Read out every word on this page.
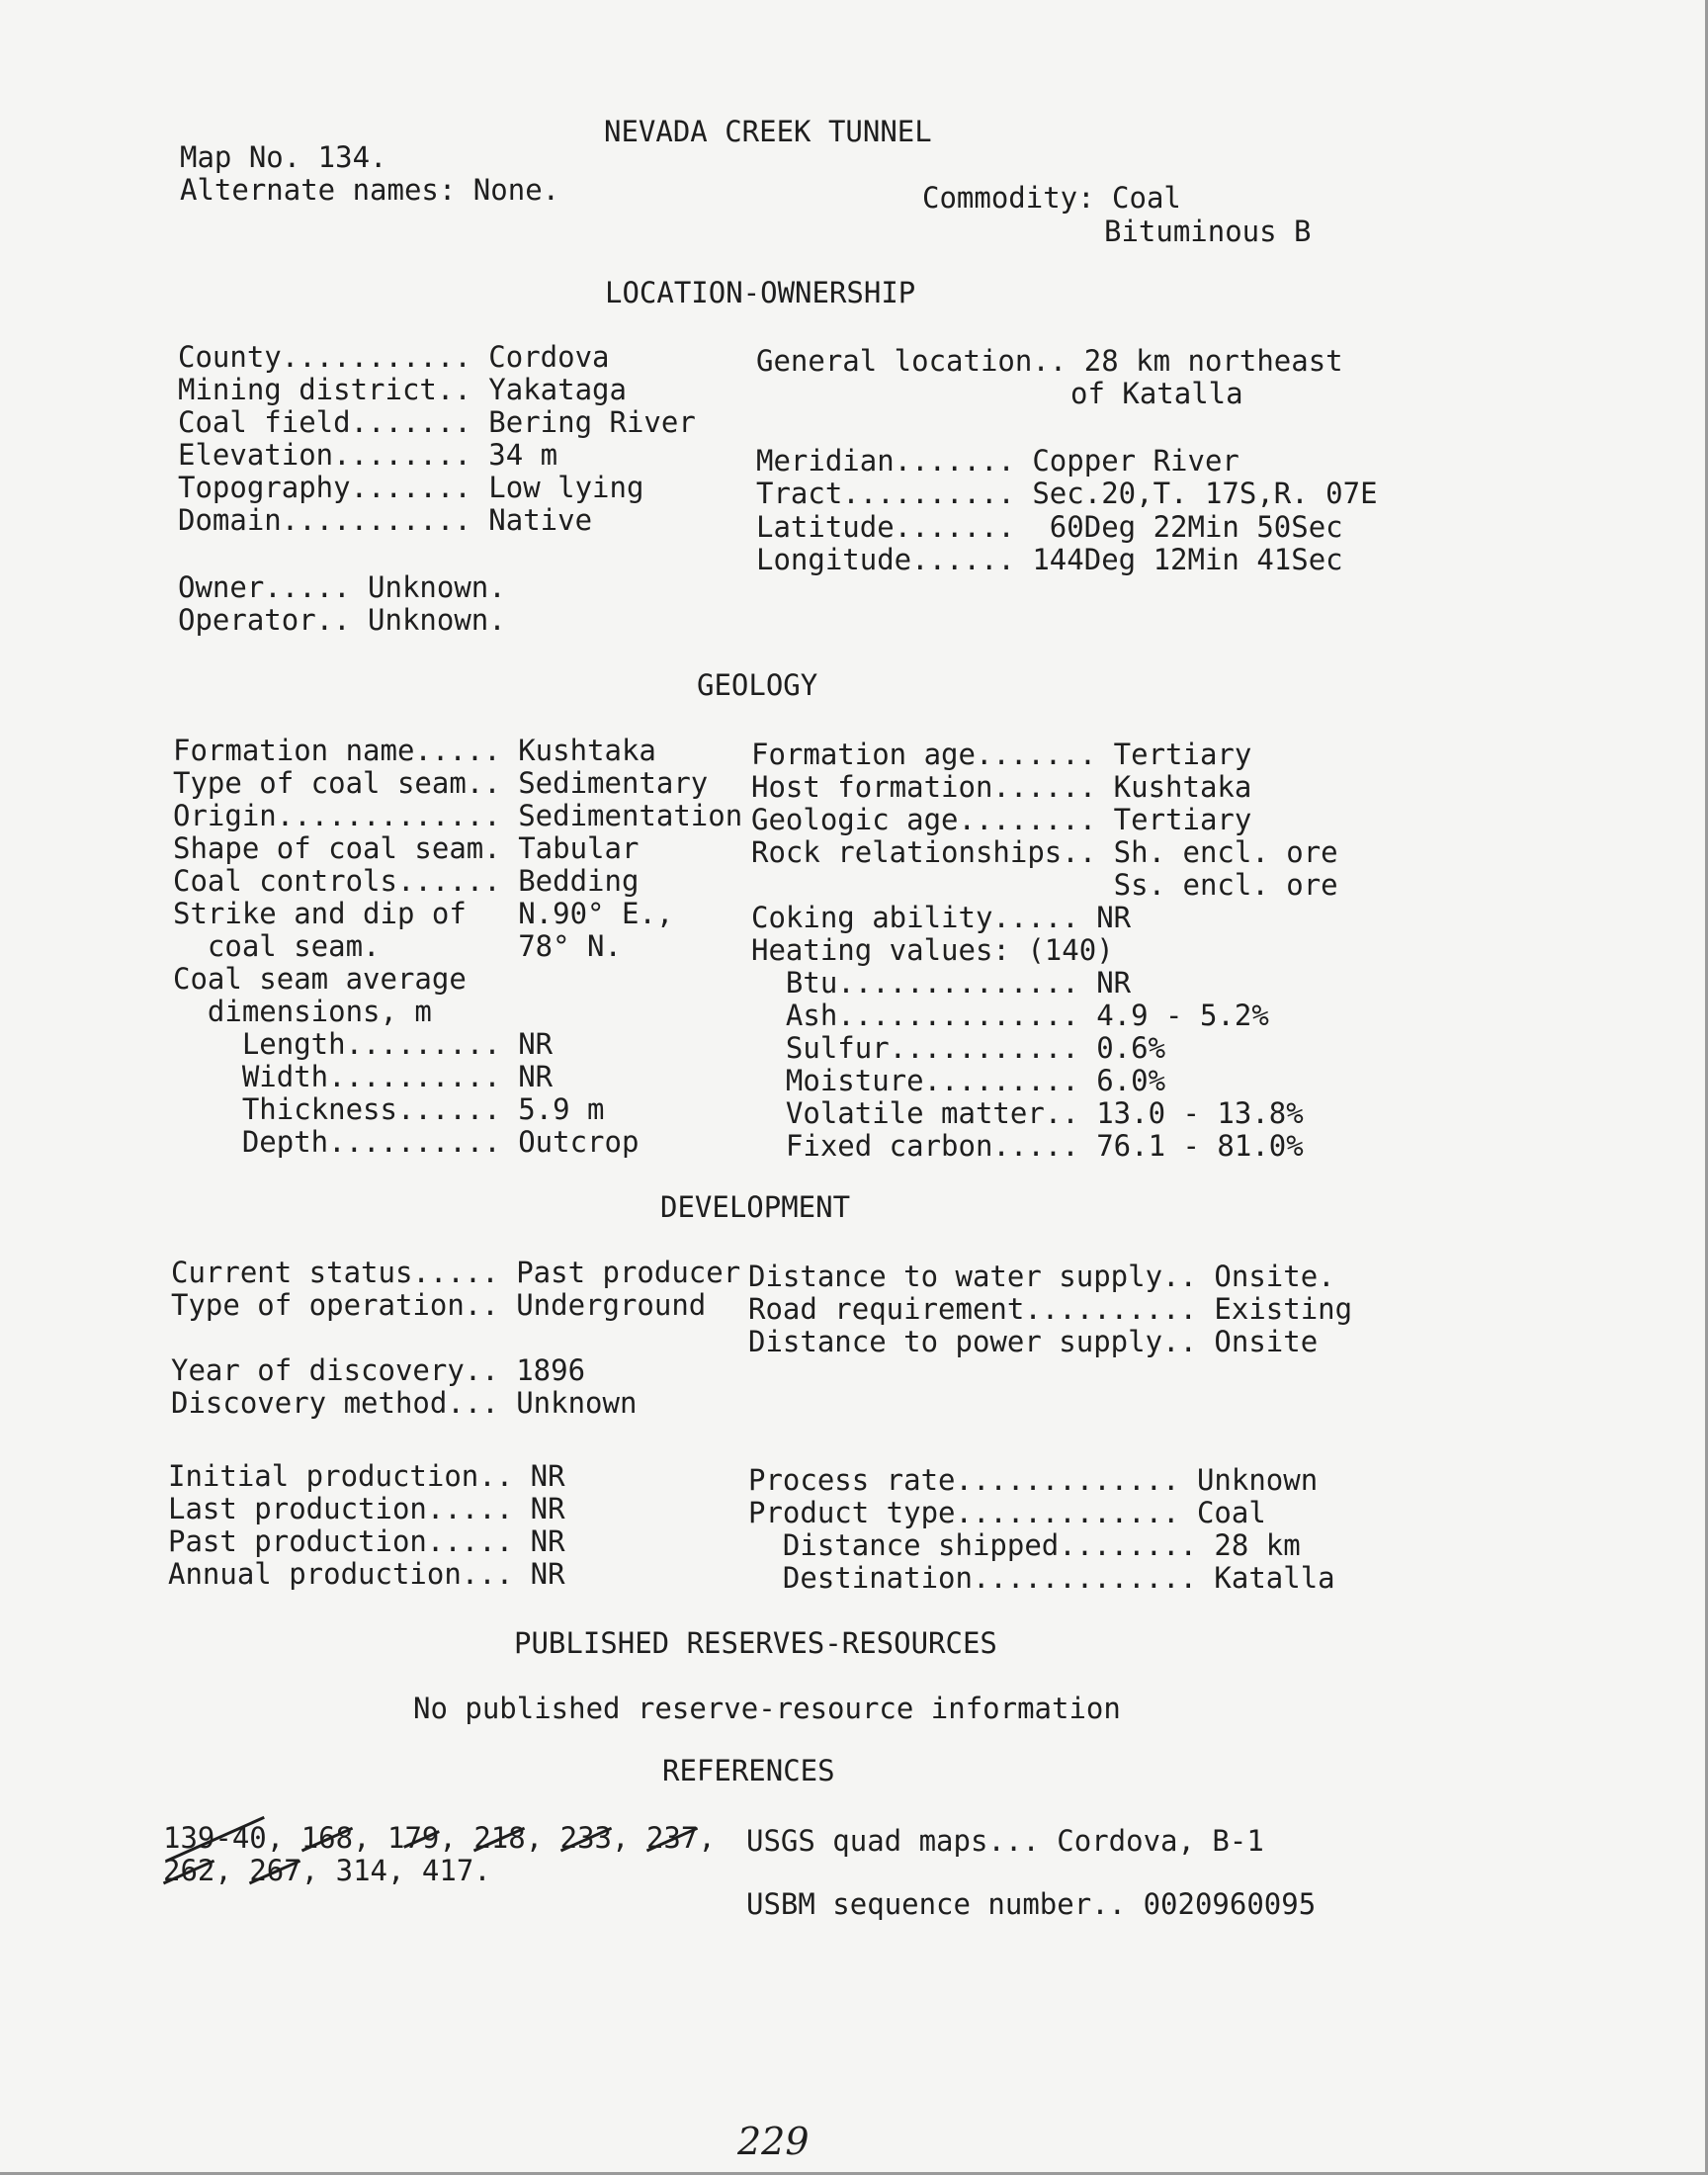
NEVADA CREEK TUNNEL
Map No. 134.
Alternate names: None.	Commodity: Coal
Bituminous B
LOCATION-OWNERSHIP
County........... Cordova
Mining district.. Yakataga
Coal field....... Bering River
Elevation........ 34 m
Topography....... Low lying
Domain........... Native
General location.. 28 km northeast
of Katalla
Meridian....... Copper River
Tract.......... Sec.20,T. 17S,R. 07E
Latitude.......  60Deg 22Min 50Sec
Longitude...... 144Deg 12Min 41Sec
Owner..... Unknown.
Operator.. Unknown.
GEOLOGY
Formation name..... Kushtaka
Type of coal seam.. Sedimentary
Origin............. Sedimentation
Shape of coal seam. Tabular
Coal controls...... Bedding
Strike and dip of   N.90° E.,
coal seam.        78° N.
Coal seam average
dimensions, m
Length......... NR
Width.......... NR
Thickness...... 5.9 m
Depth.......... Outcrop
Formation age....... Tertiary
Host formation...... Kushtaka
Geologic age........ Tertiary
Rock relationships.. Sh. encl. ore
Ss. encl. ore
Coking ability..... NR
Heating values: (140)
Btu.............. NR
Ash.............. 4.9 - 5.2%
Sulfur........... 0.6%
Moisture......... 6.0%
Volatile matter.. 13.0 - 13.8%
Fixed carbon..... 76.1 - 81.0%
DEVELOPMENT
Current status..... Past producer
Type of operation.. Underground
Distance to water supply.. Onsite.
Road requirement.......... Existing
Distance to power supply.. Onsite
Year of discovery.. 1896
Discovery method... Unknown
Initial production.. NR
Last production..... NR
Past production..... NR
Annual production... NR
Process rate............. Unknown
Product type............. Coal
Distance shipped........ 28 km
Destination............. Katalla
PUBLISHED RESERVES-RESOURCES
No published reserve-resource information
REFERENCES
139-40, 168, 179, 218, 233, 237,
262, 267, 314, 417.
USGS quad maps... Cordova, B-1
USBM sequence number.. 0020960095
229
